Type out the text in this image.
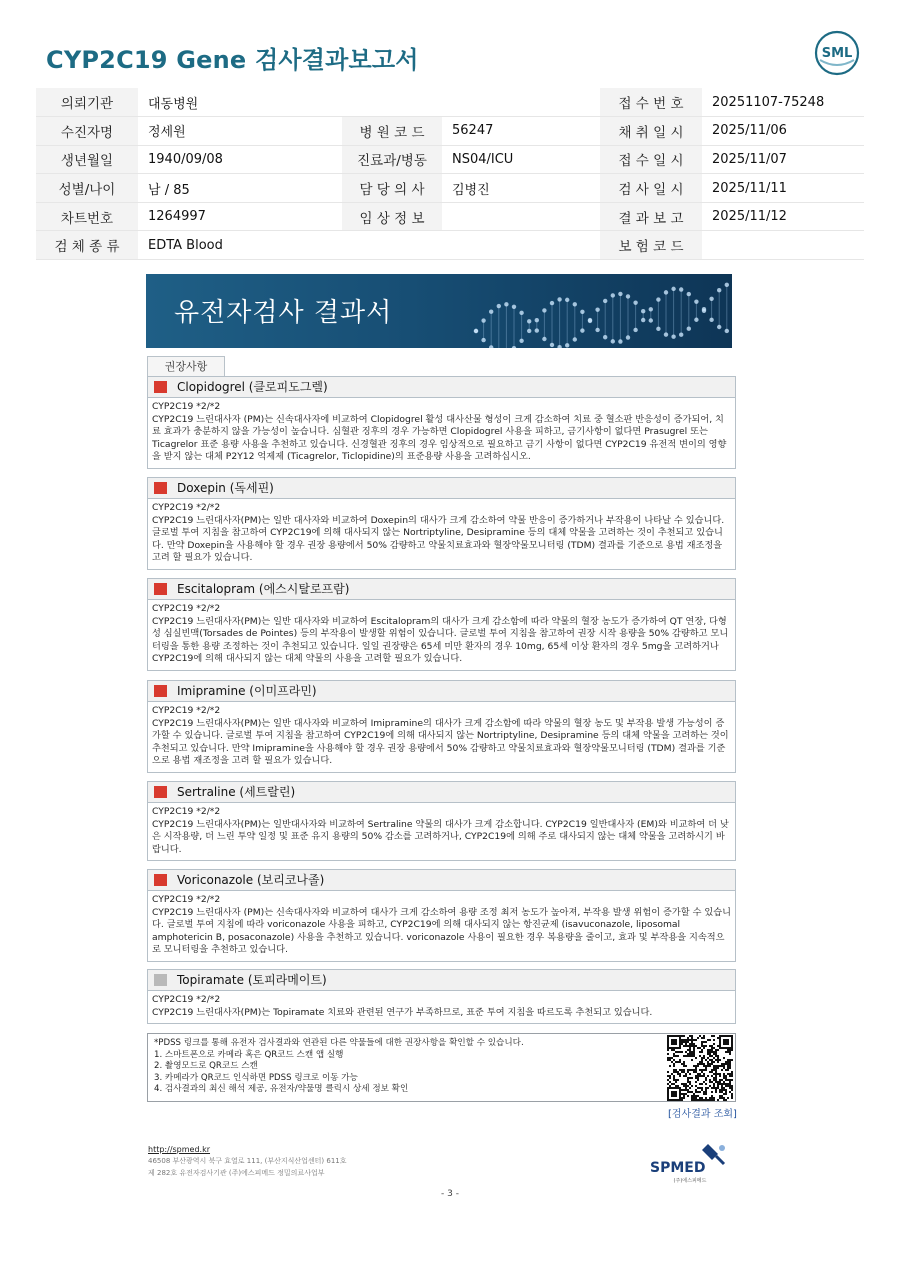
CYP2C19 Gene 검사결과보고서	SML
의뢰기관	대동병원			접 수 번 호	20251107-75248
수진자명	정세원	병 원 코 드	56247	채 취 일 시	2025/11/06
생년월일	1940/09/08	진료과/병동	NS04/ICU	접 수 일 시	2025/11/07
성별/나이	남 / 85	담 당 의 사	김병진	검 사 일 시	2025/11/11
차트번호	1264997	임 상 정 보		결 과 보 고	2025/11/12
검 체 종 류	EDTA Blood			보 험 코 드	
유전자검사 결과서
권장사항
Clopidogrel (클로피도그렐)
CYP2C19 *2/*2
CYP2C19 느린대사자 (PM)는 신속대사자에 비교하여 Clopidogrel 활성 대사산물 형성이 크게 감소하여 치료 중 혈소판 반응성이 증가되어, 치료 효과가 충분하지 않을 가능성이 높습니다. 심혈관 징후의 경우 가능하면 Clopidogrel 사용을 피하고, 금기사항이 없다면 Prasugrel 또는 Ticagrelor 표준 용량 사용을 추천하고 있습니다. 신경혈관 징후의 경우 임상적으로 필요하고 금기 사항이 없다면 CYP2C19 유전적 변이의 영향을 받지 않는 대체 P2Y12 억제제 (Ticagrelor, Ticlopidine)의 표준용량 사용을 고려하십시오.
Doxepin (독세핀)
CYP2C19 *2/*2
CYP2C19 느린대사자(PM)는 일반 대사자와 비교하여 Doxepin의 대사가 크게 감소하여 약물 반응이 증가하거나 부작용이 나타날 수 있습니다. 글로벌 투여 지침을 참고하여 CYP2C19에 의해 대사되지 않는 Nortriptyline, Desipramine 등의 대체 약물을 고려하는 것이 추천되고 있습니다. 만약 Doxepin을 사용해야 할 경우 권장 용량에서 50% 감량하고 약물치료효과와 혈장약물모니터링 (TDM) 결과를 기준으로 용법 재조정을 고려 할 필요가 있습니다.
Escitalopram (에스시탈로프람)
CYP2C19 *2/*2
CYP2C19 느린대사자(PM)는 일반 대사자와 비교하여 Escitalopram의 대사가 크게 감소함에 따라 약물의 혈장 농도가 증가하여 QT 연장, 다형성 심실빈맥(Torsades de Pointes) 등의 부작용이 발생할 위험이 있습니다. 글로벌 투여 지침을 참고하여 권장 시작 용량을 50% 감량하고 모니터링을 통한 용량 조정하는 것이 추천되고 있습니다. 일일 권장량은 65세 미만 환자의 경우 10mg, 65세 이상 환자의 경우 5mg을 고려하거나 CYP2C19에 의해 대사되지 않는 대체 약물의 사용을 고려할 필요가 있습니다.
Imipramine (이미프라민)
CYP2C19 *2/*2
CYP2C19 느린대사자(PM)는 일반 대사자와 비교하여 Imipramine의 대사가 크게 감소함에 따라 약물의 혈장 농도 및 부작용 발생 가능성이 증가할 수 있습니다. 글로벌 투여 지침을 참고하여 CYP2C19에 의해 대사되지 않는 Nortriptyline, Desipramine 등의 대체 약물을 고려하는 것이 추천되고 있습니다. 만약 Imipramine을 사용해야 할 경우 권장 용량에서 50% 감량하고 약물치료효과와 혈장약물모니터링 (TDM) 결과를 기준으로 용법 재조정을 고려 할 필요가 있습니다.
Sertraline (세트랄린)
CYP2C19 *2/*2
CYP2C19 느린대사자(PM)는 일반대사자와 비교하여 Sertraline 약물의 대사가 크게 감소합니다. CYP2C19 일반대사자 (EM)와 비교하여 더 낮은 시작용량, 더 느린 투약 일정 및 표준 유지 용량의 50% 감소를 고려하거나, CYP2C19에 의해 주로 대사되지 않는 대체 약물을 고려하시기 바랍니다.
Voriconazole (보리코나졸)
CYP2C19 *2/*2
CYP2C19 느린대사자 (PM)는 신속대사자와 비교하여 대사가 크게 감소하여 용량 조정 최저 농도가 높아져, 부작용 발생 위험이 증가할 수 있습니다. 글로벌 투여 지침에 따라 voriconazole 사용을 피하고, CYP2C19에 의해 대사되지 않는 항진균제 (isavuconazole, liposomal amphotericin B, posaconazole) 사용을 추천하고 있습니다. voriconazole 사용이 필요한 경우 복용량을 줄이고, 효과 및 부작용을 지속적으로 모니터링을 추천하고 있습니다.
Topiramate (토피라메이트)
CYP2C19 *2/*2
CYP2C19 느린대사자(PM)는 Topiramate 치료와 관련된 연구가 부족하므로, 표준 투여 지침을 따르도록 추천되고 있습니다.
*PDSS 링크를 통해 유전자 검사결과와 연관된 다른 약물들에 대한 권장사항을 확인할 수 있습니다.
1. 스마트폰으로 카메라 혹은 QR코드 스캔 앱 실행
2. 촬영모드로 QR코드 스캔
3. 카메라가 QR코드 인식하면 PDSS 링크로 이동 가능
4. 검사결과의 최신 해석 제공, 유전자/약물명 클릭시 상세 정보 확인
[검사결과 조회]
http://spmed.kr
46508 부산광역시 북구 효열로 111, (부산지식산업센터) 611호
제 282호 유전자검사기관 (주)에스피메드 정밀의료사업부	SPMED
(주)에스피메드
- 3 -
